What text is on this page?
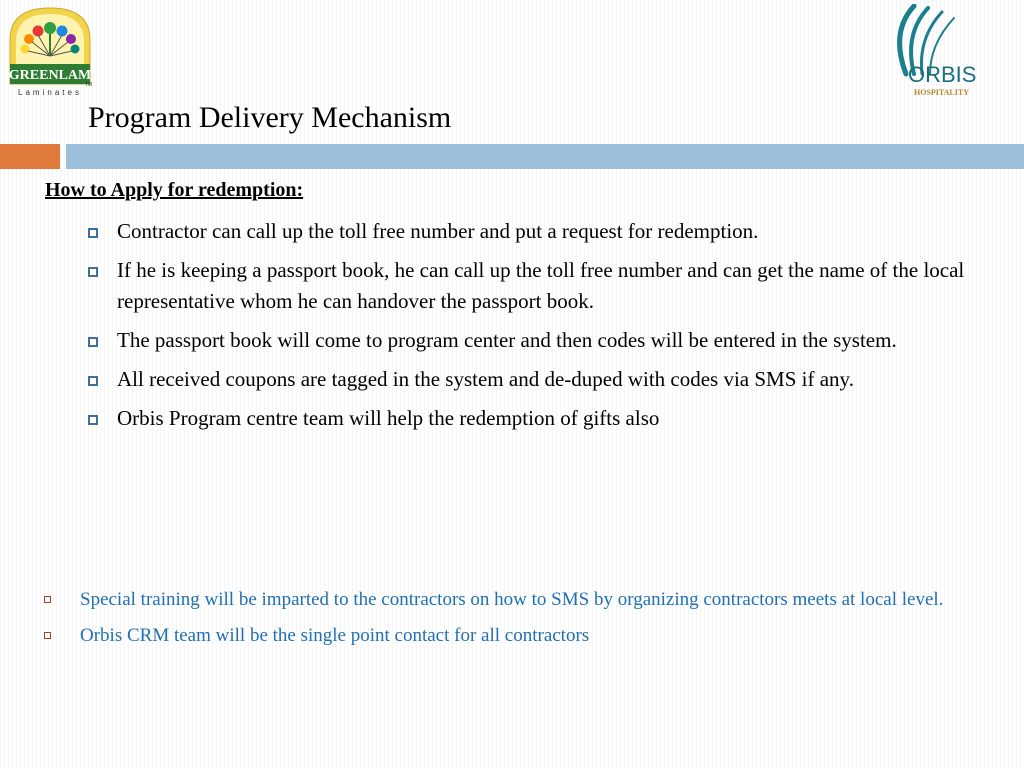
GREENLAM
TM
Laminates
ORBIS
HOSPITALITY
Program Delivery Mechanism

How to Apply for redemption:

Contractor can call up the toll free number and put a request for redemption.
If he is keeping a passport book, he can call up the toll free number and can get the name of the local representative whom he can handover the passport book.
The passport book will come to program center and then codes will be entered in the system.
All received coupons are tagged in the system and de-duped with codes via SMS if any.
Orbis Program centre team will help the redemption of gifts also
Special training will be imparted to the contractors on how to SMS by organizing contractors meets at local level.
Orbis CRM team will be the single point contact for all contractors
